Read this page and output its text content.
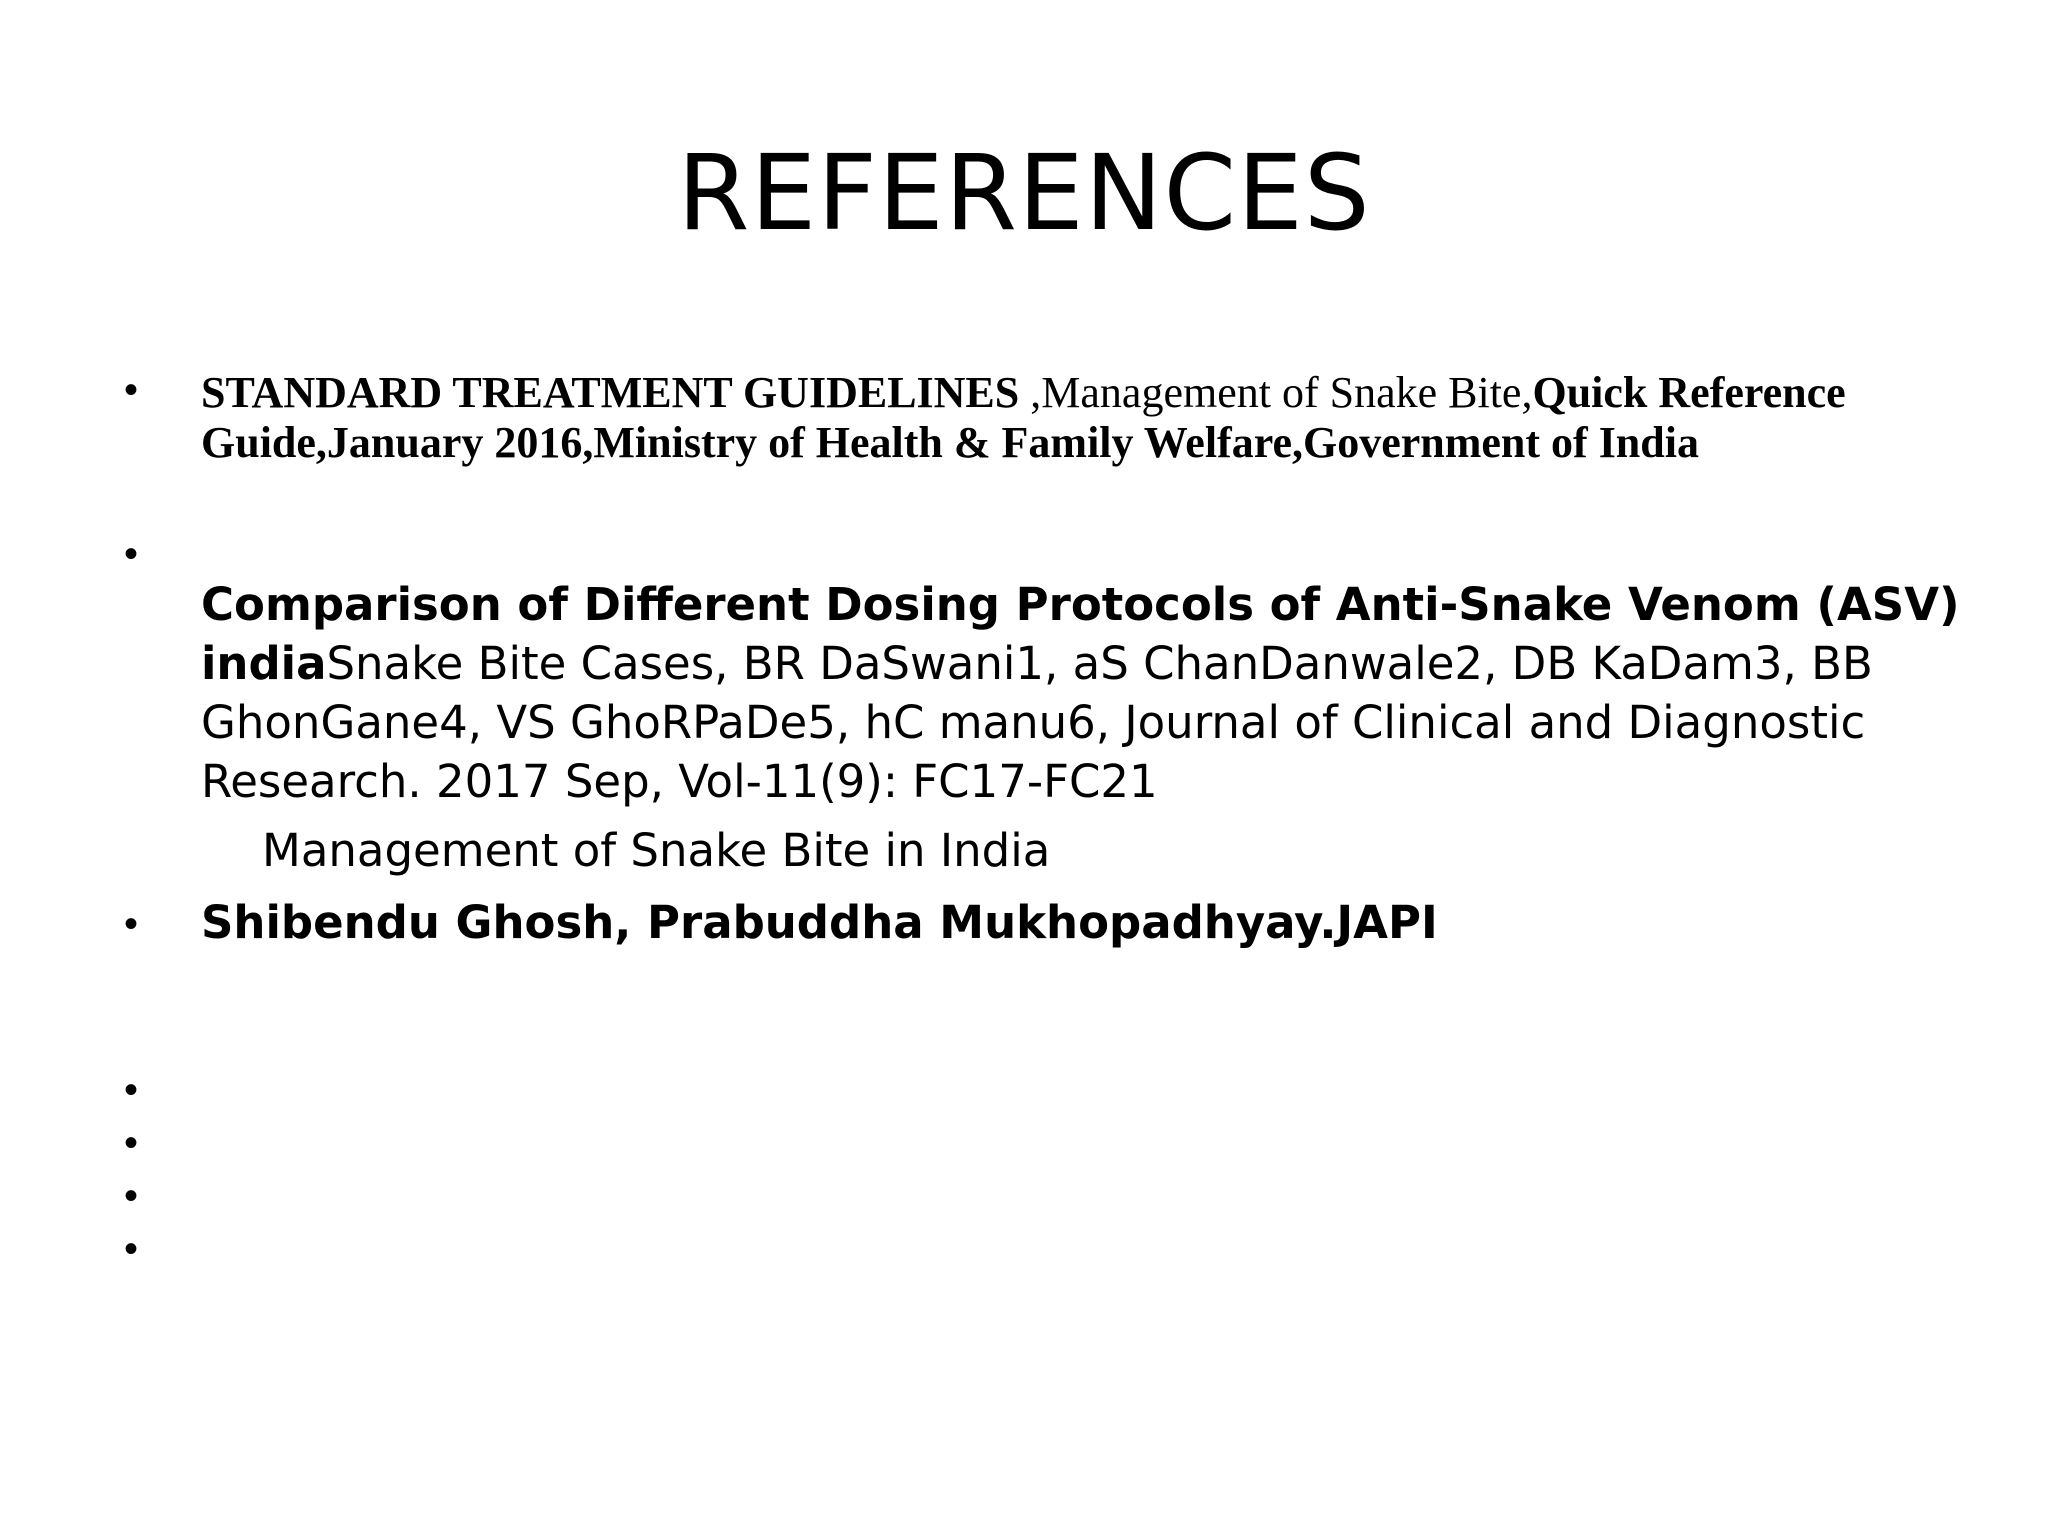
REFERENCES
• STANDARD TREATMENT GUIDELINES ,Management of Snake Bite,Quick Reference Guide,January 2016,Ministry of Health & Family Welfare,Government of India
•
Comparison of Different Dosing Protocols of Anti-Snake Venom (ASV) indiaSnake Bite Cases, BR DaSwani1, aS ChanDanwale2, DB KaDam3, BB GhonGane4, VS GhoRPaDe5, hC manu6, Journal of Clinical and Diagnostic Research. 2017 Sep, Vol-11(9): FC17-FC21
Management of Snake Bite in India
• Shibendu Ghosh, Prabuddha Mukhopadhyay.JAPI
•
•
•
•
